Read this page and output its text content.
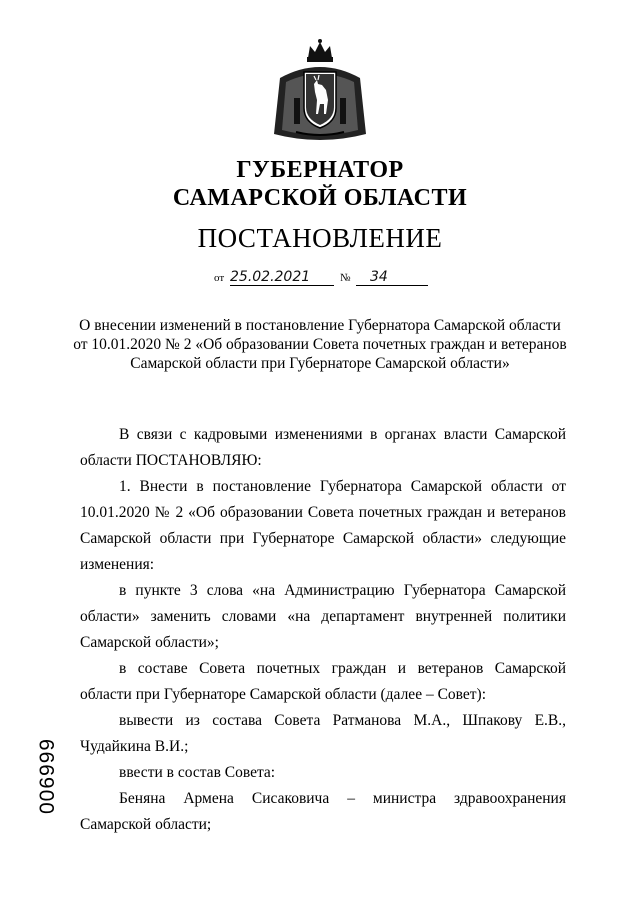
ГУБЕРНАТОР
САМАРСКОЙ ОБЛАСТИ
ПОСТАНОВЛЕНИЕ
от 25.02.2021	№ 34
О внесении изменений в постановление Губернатора Самарской области
от 10.01.2020 № 2 «Об образовании Совета почетных граждан и ветеранов
Самарской области при Губернаторе Самарской области»
В связи с кадровыми изменениями в органах власти Самарской области ПОСТАНОВЛЯЮ:
1. Внести в постановление Губернатора Самарской области от 10.01.2020 № 2 «Об образовании Совета почетных граждан и ветеранов Самарской области при Губернаторе Самарской области» следующие изменения:
в пункте 3 слова «на Администрацию Губернатора Самарской области» заменить словами «на департамент внутренней политики Самарской области»;
в составе Совета почетных граждан и ветеранов Самарской области при Губернаторе Самарской области (далее – Совет):
вывести из состава Совета Ратманова М.А., Шпакову Е.В., Чудайкина В.И.;
ввести в состав Совета:
Беняна Армена Сисаковича – министра здравоохранения Самарской области;
006999
